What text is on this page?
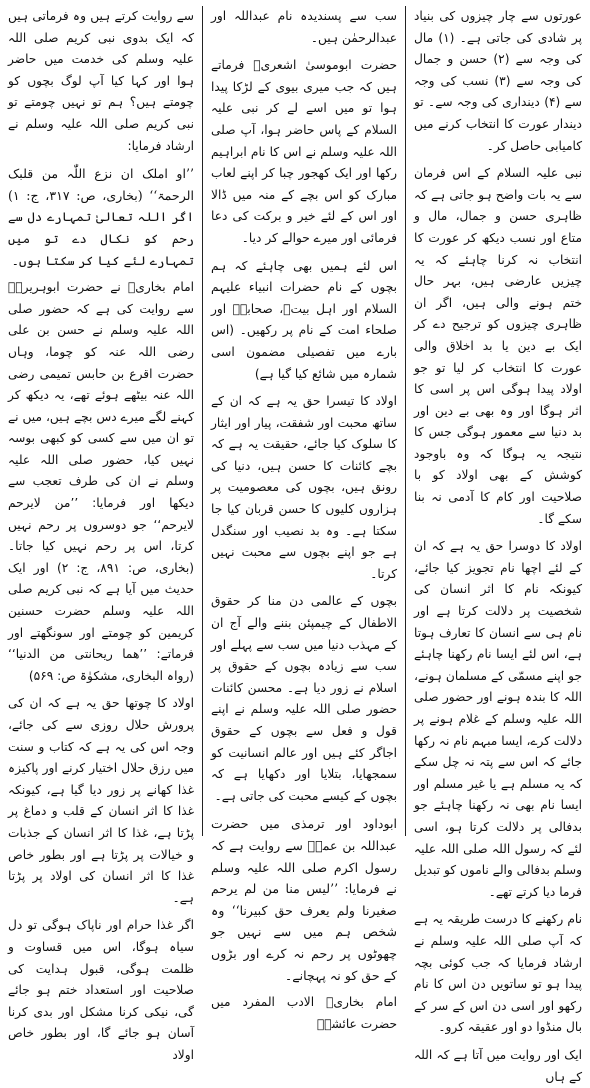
عورتوں سے چار چیزوں کی بنیاد پر شادی کی جاتی ہے۔ (۱) مال کی وجہ سے (۲) حسن و جمال کی وجہ سے (۳) نسب کی وجہ سے (۴) دینداری کی وجہ سے۔ تو دیندار عورت کا انتخاب کرنے میں کامیابی حاصل کر۔

نبی علیہ السلام کے اس فرمان سے یہ بات واضح ہو جاتی ہے کہ ظاہری حسن و جمال، مال و متاع اور نسب دیکھ کر عورت کا انتخاب نہ کرنا چاہئے کہ یہ چیزیں عارضی ہیں، بہر حال ختم ہونے والی ہیں، اگر ان ظاہری چیزوں کو ترجیح دے کر ایک بے دین یا بد اخلاق والی عورت کا انتخاب کر لیا تو جو اولاد پیدا ہوگی اس پر اسی کا اثر ہوگا اور وہ بھی بے دین اور بد دنیا سے معمور ہوگی جس کا نتیجہ یہ ہوگا کہ وہ باوجود کوشش کے بھی اولاد کو با صلاحیت اور کام کا آدمی نہ بنا سکے گا۔

اولاد کا دوسرا حق یہ ہے کہ ان کے لئے اچھا نام تجویز کیا جائے، کیونکہ نام کا اثر انسان کی شخصیت پر دلالت کرتا ہے اور نام ہی سے انسان کا تعارف ہوتا ہے، اس لئے ایسا نام رکھنا چاہئے جو اپنے مسمّی کے مسلمان ہونے، اللہ کا بندہ ہونے اور حضور صلی اللہ علیہ وسلم کے غلام ہونے پر دلالت کرے، ایسا مبہم نام نہ رکھا جائے کہ اس سے پتہ نہ چل سکے کہ یہ مسلم ہے یا غیر مسلم اور ایسا نام بھی نہ رکھنا چاہئے جو بدفالی پر دلالت کرتا ہو، اسی لئے کہ رسول اللہ صلی اللہ علیہ وسلم بدفالی والے ناموں کو تبدیل فرما دیا کرتے تھے۔

نام رکھنے کا درست طریقہ یہ ہے کہ آپ صلی اللہ علیہ وسلم نے ارشاد فرمایا کہ جب کوئی بچہ پیدا ہو تو ساتویں دن اس کا نام رکھو اور اسی دن اس کے سر کے بال منڈوا دو اور عقیقہ کرو۔

ایک اور روایت میں آتا ہے کہ اللہ کے ہاں

سب سے پسندیدہ نام عبداللہ اور عبدالرحمٰن ہیں۔

حضرت ابوموسیٰ اشعریؓ فرماتے ہیں کہ جب میری بیوی کے لڑکا پیدا ہوا تو میں اسے لے کر نبی علیہ السلام کے پاس حاضر ہوا، آپ صلی اللہ علیہ وسلم نے اس کا نام ابراہیم رکھا اور ایک کھجور چبا کر اپنے لعاب مبارک کو اس بچے کے منہ میں ڈالا اور اس کے لئے خیر و برکت کی دعا فرمائی اور میرے حوالے کر دیا۔

اس لئے ہمیں بھی چاہئے کہ ہم بچوں کے نام حضرات انبیاء علیہم السلام اور اہل بیتؓ، صحابہؓ اور صلحاء امت کے نام پر رکھیں۔ (اس بارے میں تفصیلی مضمون اسی شمارہ میں شائع کیا گیا ہے)

اولاد کا تیسرا حق یہ ہے کہ ان کے ساتھ محبت اور شفقت، پیار اور ایثار کا سلوک کیا جائے، حقیقت یہ ہے کہ بچے کائنات کا حسن ہیں، دنیا کی رونق ہیں، بچوں کی معصومیت پر ہزاروں کلیوں کا حسن قربان کیا جا سکتا ہے۔ وہ بد نصیب اور سنگدل ہے جو اپنے بچوں سے محبت نہیں کرتا۔

بچوں کے عالمی دن منا کر حقوق الاطفال کے چیمپئن بننے والے آج ان کے مہذب دنیا میں سب سے پہلے اور سب سے زیادہ بچوں کے حقوق پر اسلام نے زور دیا ہے۔ محسن کائنات حضور صلی اللہ علیہ وسلم نے اپنے قول و فعل سے بچوں کے حقوق اجاگر کئے ہیں اور عالم انسانیت کو سمجھایا، بتلایا اور دکھایا ہے کہ بچوں کے کیسے محبت کی جاتی ہے۔

ابوداود اور ترمذی میں حضرت عبداللہ بن عمرؓ سے روایت ہے کہ رسول اکرم صلی اللہ علیہ وسلم نے فرمایا: ’’لیس منا من لم یرحم صغیرنا ولم یعرف حق کبیرنا‘‘ وہ شخص ہم میں سے نہیں جو چھوٹوں پر رحم نہ کرے اور بڑوں کے حق کو نہ پہچانے۔

امام بخاریؒ الادب المفرد میں حضرت عائشہؓ

سے روایت کرتے ہیں وہ فرماتی ہیں کہ ایک بدوی نبی کریم صلی اللہ علیہ وسلم کی خدمت میں حاضر ہوا اور کہا کیا آپ لوگ بچوں کو چومتے ہیں؟ ہم تو نہیں چومتے تو نبی کریم صلی اللہ علیہ وسلم نے ارشاد فرمایا:

’’او املک ان نزع اللّٰہ من قلبک الرحمۃ‘‘ (بخاری، ص: ۳۱۷، ج: ۱) اگر اللہ تعالیٰ تمہارے دل سے رحم کو نکال دے تو میں تمہارے لئے کیا کر سکتا ہوں۔

امام بخاریؒ نے حضرت ابوہریرہؓ سے روایت کی ہے کہ حضور صلی اللہ علیہ وسلم نے حسن بن علی رضی اللہ عنہ کو چوما، وہاں حضرت اقرع بن حابس تمیمی رضی اللہ عنہ بیٹھے ہوئے تھے، یہ دیکھ کر کہنے لگے میرے دس بچے ہیں، میں نے تو ان میں سے کسی کو کبھی بوسہ نہیں کیا، حضور صلی اللہ علیہ وسلم نے ان کی طرف تعجب سے دیکھا اور فرمایا: ’’من لایرحم لایرحم‘‘ جو دوسروں پر رحم نہیں کرتا، اس پر رحم نہیں کیا جاتا۔ (بخاری، ص: ۸۹۱، ج: ۲) اور ایک حدیث میں آیا ہے کہ نبی کریم صلی اللہ علیہ وسلم حضرت حسنین کریمین کو چومتے اور سونگھتے اور فرماتے: ’’ھما ریحانتی من الدنیا‘‘ (رواہ البخاری، مشکوٰۃ ص: ۵۶۹)

اولاد کا چوتھا حق یہ ہے کہ ان کی پرورش حلال روزی سے کی جائے، وجہ اس کی یہ ہے کہ کتاب و سنت میں رزق حلال اختیار کرنے اور پاکیزہ غذا کھانے پر زور دیا گیا ہے، کیونکہ غذا کا اثر انسان کے قلب و دماغ پر پڑتا ہے، غذا کا اثر انسان کے جذبات و خیالات پر پڑتا ہے اور بطور خاص غذا کا اثر انسان کی اولاد پر پڑتا ہے۔

اگر غذا حرام اور ناپاک ہوگی تو دل سیاہ ہوگا، اس میں قساوت و ظلمت ہوگی، قبول ہدایت کی صلاحیت اور استعداد ختم ہو جائے گی، نیکی کرنا مشکل اور بدی کرنا آسان ہو جائے گا، اور بطور خاص اولاد
